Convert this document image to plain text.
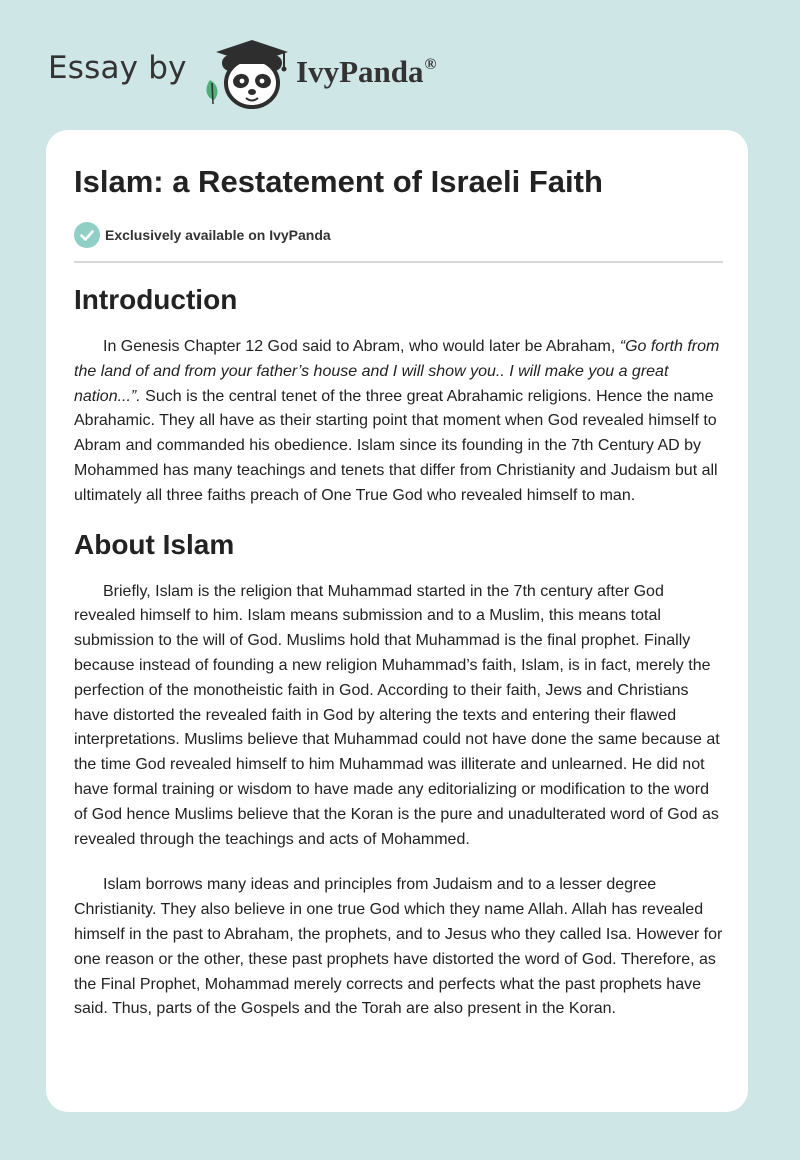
Essay by	IvyPanda®
Islam: a Restatement of Israeli Faith
Exclusively available on IvyPanda
Introduction

In Genesis Chapter 12 God said to Abram, who would later be Abraham, “Go forth from the land of and from your father’s house and I will show you.. I will make you a great nation...”. Such is the central tenet of the three great Abrahamic religions. Hence the name Abrahamic. They all have as their starting point that moment when God revealed himself to Abram and commanded his obedience. Islam since its founding in the 7th Century AD by Mohammed has many teachings and tenets that differ from Christianity and Judaism but all ultimately all three faiths preach of One True God who revealed himself to man.

About Islam

Briefly, Islam is the religion that Muhammad started in the 7th century after God revealed himself to him. Islam means submission and to a Muslim, this means total submission to the will of God. Muslims hold that Muhammad is the final prophet. Finally because instead of founding a new religion Muhammad’s faith, Islam, is in fact, merely the perfection of the monotheistic faith in God. According to their faith, Jews and Christians have distorted the revealed faith in God by altering the texts and entering their flawed interpretations. Muslims believe that Muhammad could not have done the same because at the time God revealed himself to him Muhammad was illiterate and unlearned. He did not have formal training or wisdom to have made any editorializing or modification to the word of God hence Muslims believe that the Koran is the pure and unadulterated word of God as revealed through the teachings and acts of Mohammed.

Islam borrows many ideas and principles from Judaism and to a lesser degree Christianity. They also believe in one true God which they name Allah. Allah has revealed himself in the past to Abraham, the prophets, and to Jesus who they called Isa. However for one reason or the other, these past prophets have distorted the word of God. Therefore, as the Final Prophet, Mohammad merely corrects and perfects what the past prophets have said. Thus, parts of the Gospels and the Torah are also present in the Koran.
